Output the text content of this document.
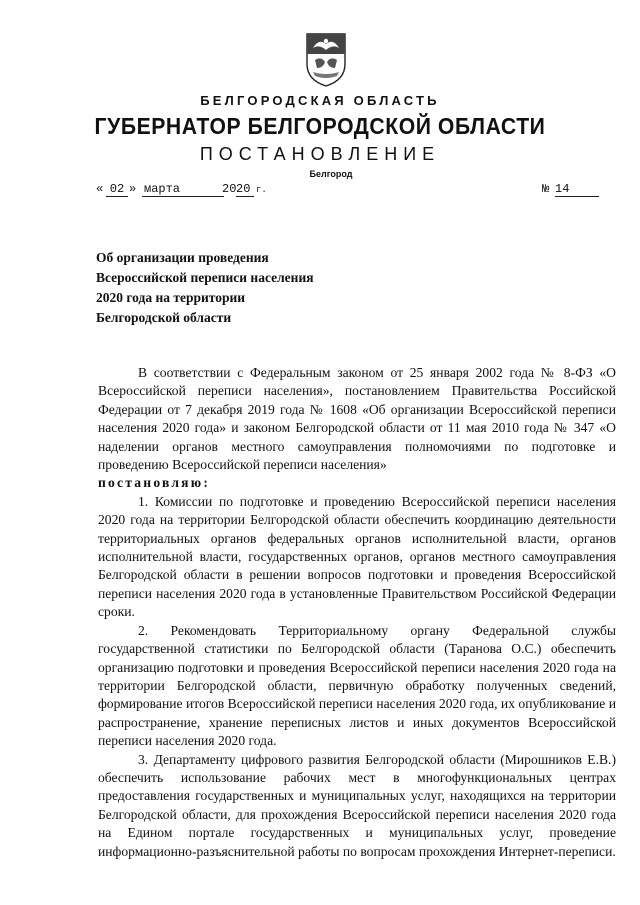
БЕЛГОРОДСКАЯ ОБЛАСТЬ
ГУБЕРНАТОР БЕЛГОРОДСКОЙ ОБЛАСТИ
ПОСТАНОВЛЕНИЕ
Белгород
« 02 » марта	20 20 г.	№ 14
Об организации проведения
Всероссийской переписи населения
2020 года на территории
Белгородской области

В соответствии с Федеральным законом от 25 января 2002 года № 8-ФЗ «О Всероссийской переписи населения», постановлением Правительства Российской Федерации от 7 декабря 2019 года № 1608 «Об организации Всероссийской переписи населения 2020 года» и законом Белгородской области от 11 мая 2010 года № 347 «О наделении органов местного самоуправления полномочиями по подготовке и проведению Всероссийской переписи населения»

постановляю:

1. Комиссии по подготовке и проведению Всероссийской переписи населения 2020 года на территории Белгородской области обеспечить координацию деятельности территориальных органов федеральных органов исполнительной власти, органов исполнительной власти, государственных органов, органов местного самоуправления Белгородской области в решении вопросов подготовки и проведения Всероссийской переписи населения 2020 года в установленные Правительством Российской Федерации сроки.

2. Рекомендовать Территориальному органу Федеральной службы государственной статистики по Белгородской области (Таранова О.С.) обеспечить организацию подготовки и проведения Всероссийской переписи населения 2020 года на территории Белгородской области, первичную обработку полученных сведений, формирование итогов Всероссийской переписи населения 2020 года, их опубликование и распространение, хранение переписных листов и иных документов Всероссийской переписи населения 2020 года.

3. Департаменту цифрового развития Белгородской области (Мирошников Е.В.) обеспечить использование рабочих мест в многофункциональных центрах предоставления государственных и муниципальных услуг, находящихся на территории Белгородской области, для прохождения Всероссийской переписи населения 2020 года на Едином портале государственных и муниципальных услуг, проведение информационно-разъяснительной работы по вопросам прохождения Интернет-переписи.
